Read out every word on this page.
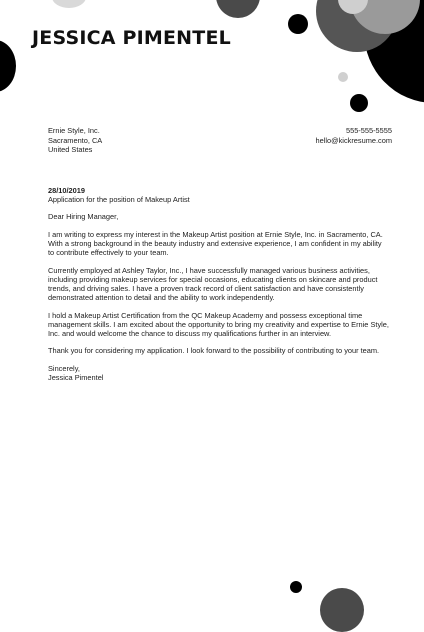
JESSICA PIMENTEL
Ernie Style, Inc.
Sacramento, CA
United States
555-555-5555
hello@kickresume.com

28/10/2019

Application for the position of Makeup Artist

Dear Hiring Manager,

I am writing to express my interest in the Makeup Artist position at Ernie Style, Inc. in Sacramento, CA.
With a strong background in the beauty industry and extensive experience, I am confident in my ability
to contribute effectively to your team.

Currently employed at Ashley Taylor, Inc., I have successfully managed various business activities,
including providing makeup services for special occasions, educating clients on skincare and product
trends, and driving sales. I have a proven track record of client satisfaction and have consistently
demonstrated attention to detail and the ability to work independently.

I hold a Makeup Artist Certification from the QC Makeup Academy and possess exceptional time
management skills. I am excited about the opportunity to bring my creativity and expertise to Ernie Style,
Inc. and would welcome the chance to discuss my qualifications further in an interview.

Thank you for considering my application. I look forward to the possibility of contributing to your team.

Sincerely,
Jessica Pimentel
